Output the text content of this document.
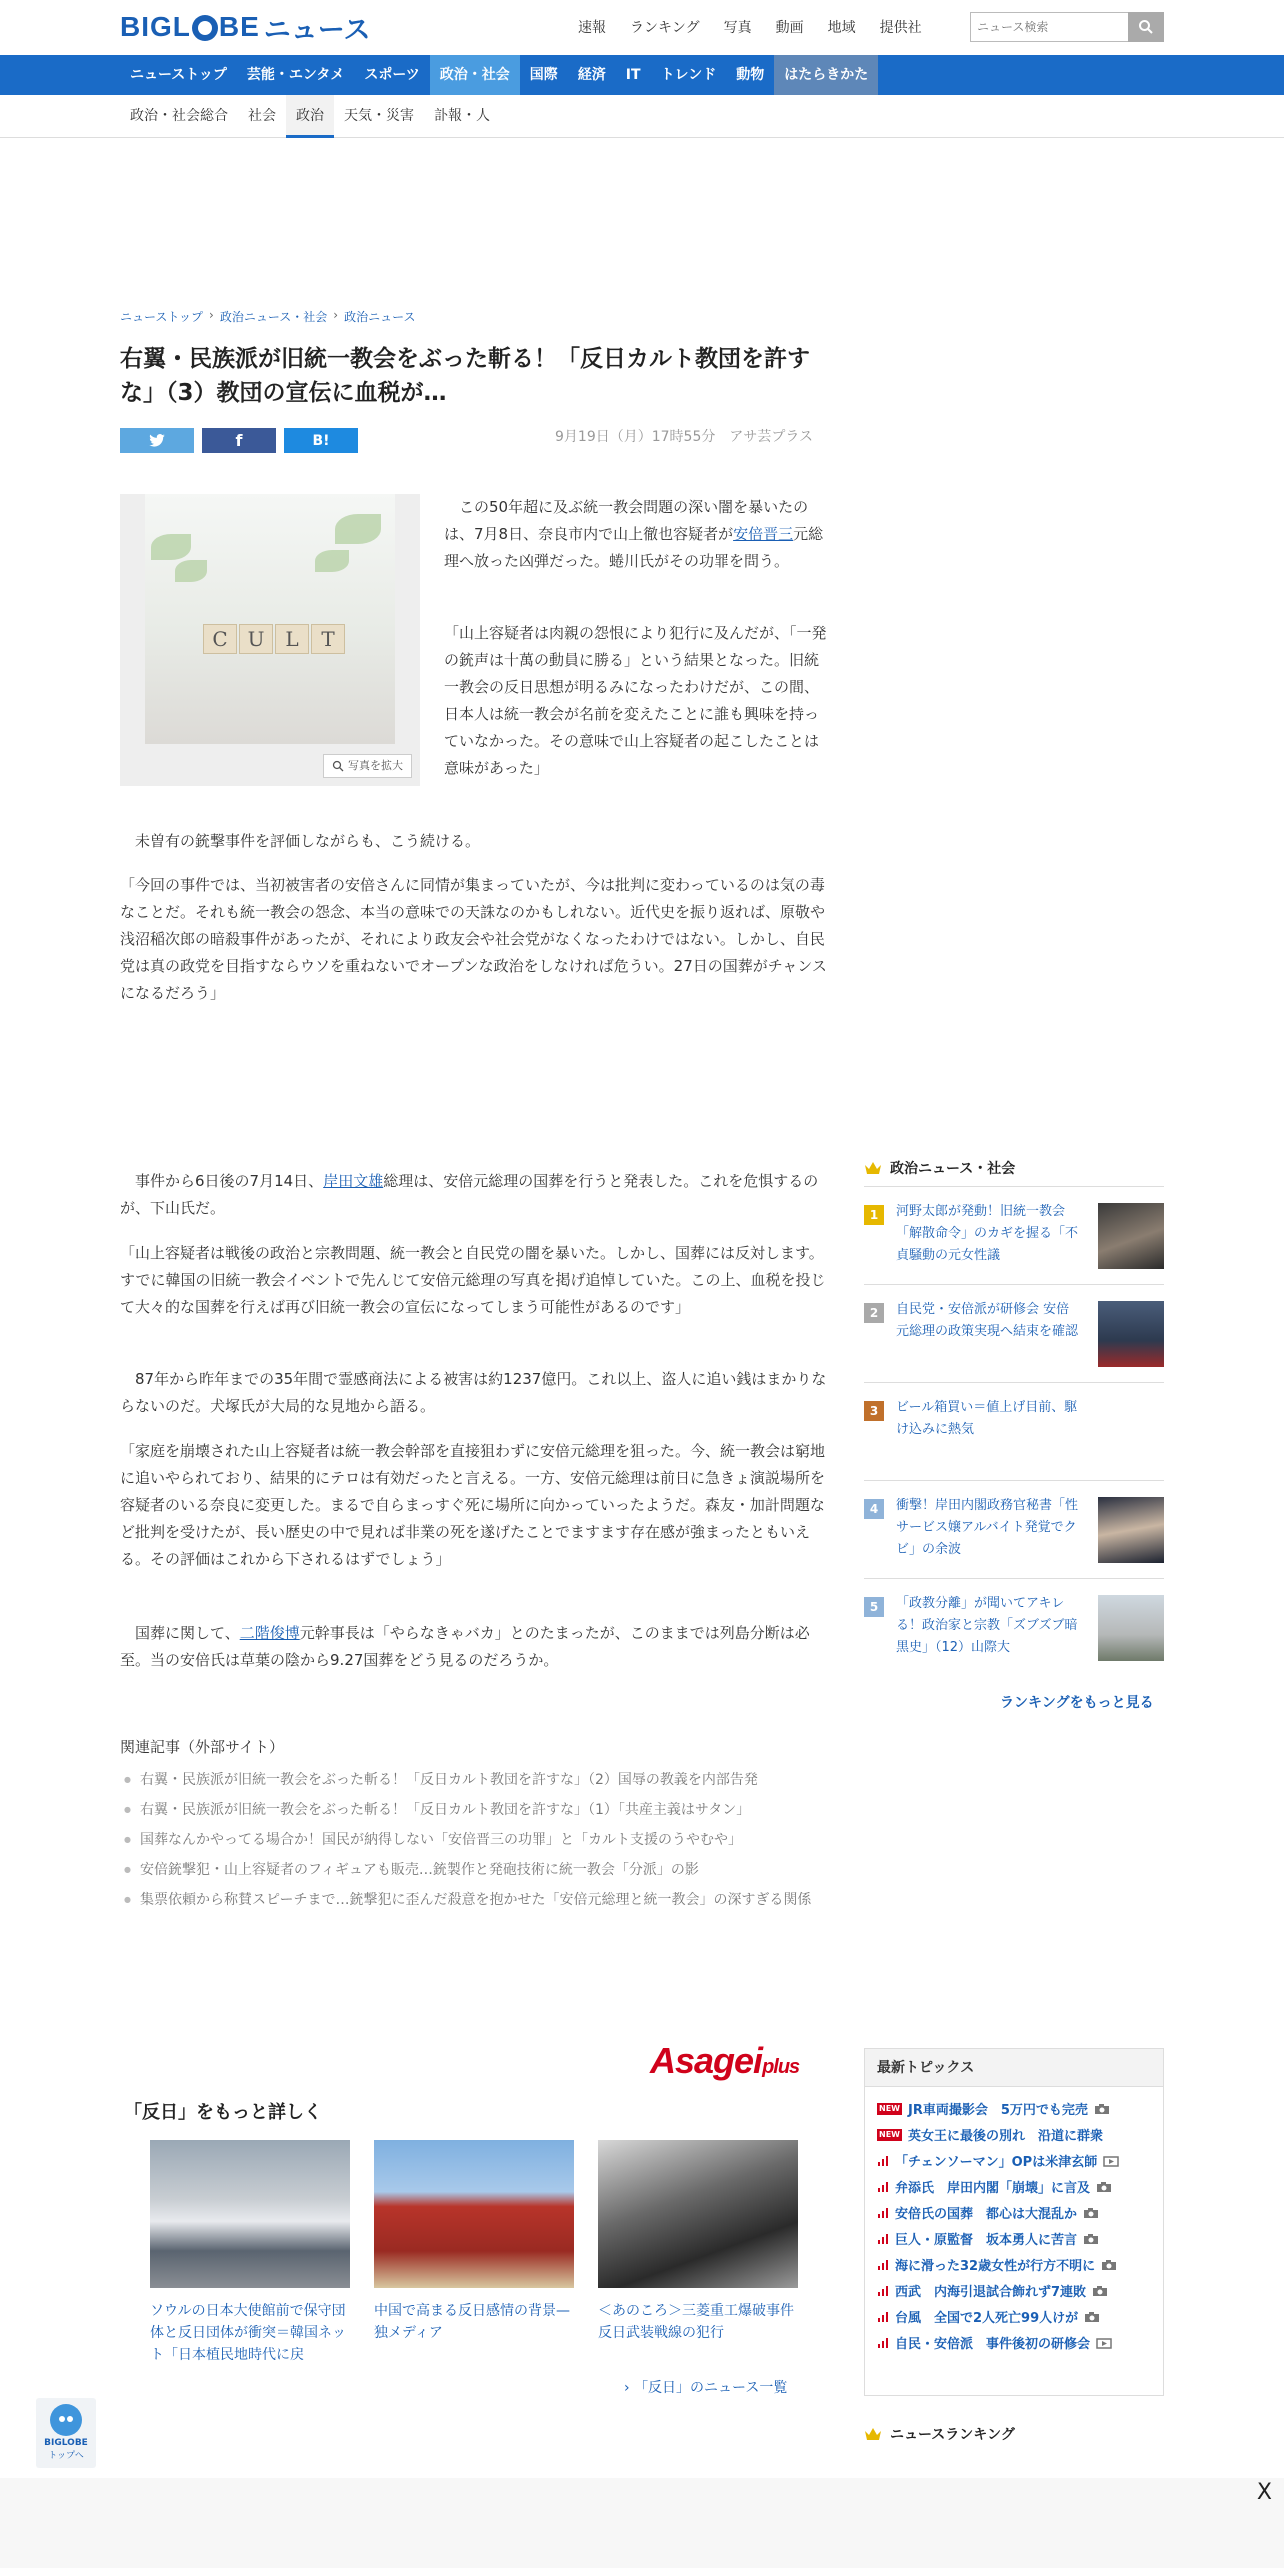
BIGL BE ニュース	速報 ランキング 写真 動画 地域 提供社
ニュース検索
ニューストップ	芸能・エンタメ	スポーツ	政治・社会	国際	経済	IT	トレンド	動物	はたらきかた
政治・社会総合	社会	政治	天気・災害	訃報・人
ニューストップ › 政治ニュース・社会 › 政治ニュース
右翼・民族派が旧統一教会をぶった斬る！「反日カルト教団を許すな」（3）教団の宣伝に血税が…
f	B!	9月19日（月）17時55分 アサ芸プラス
C U	L	T
写真を拡大

この50年超に及ぶ統一教会問題の深い闇を暴いたのは、7月8日、奈良市内で山上徹也容疑者が安倍晋三元総理へ放った凶弾だった。蜷川氏がその功罪を問う。

「山上容疑者は肉親の怨恨により犯行に及んだが、「一発の銃声は十萬の動員に勝る」という結果となった。旧統一教会の反日思想が明るみになったわけだが、この間、日本人は統一教会が名前を変えたことに誰も興味を持っていなかった。その意味で山上容疑者の起こしたことは意味があった」

未曽有の銃撃事件を評価しながらも、こう続ける。

「今回の事件では、当初被害者の安倍さんに同情が集まっていたが、今は批判に変わっているのは気の毒なことだ。それも統一教会の怨念、本当の意味での天誅なのかもしれない。近代史を振り返れば、原敬や浅沼稲次郎の暗殺事件があったが、それにより政友会や社会党がなくなったわけではない。しかし、自民党は真の政党を目指すならウソを重ねないでオープンな政治をしなければ危うい。27日の国葬がチャンスになるだろう」

事件から6日後の7月14日、岸田文雄総理は、安倍元総理の国葬を行うと発表した。これを危惧するのが、下山氏だ。

「山上容疑者は戦後の政治と宗教問題、統一教会と自民党の闇を暴いた。しかし、国葬には反対します。すでに韓国の旧統一教会イベントで先んじて安倍元総理の写真を掲げ追悼していた。この上、血税を投じて大々的な国葬を行えば再び旧統一教会の宣伝になってしまう可能性があるのです」

87年から昨年までの35年間で霊感商法による被害は約1237億円。これ以上、盗人に追い銭はまかりならないのだ。犬塚氏が大局的な見地から語る。

「家庭を崩壊された山上容疑者は統一教会幹部を直接狙わずに安倍元総理を狙った。今、統一教会は窮地に追いやられており、結果的にテロは有効だったと言える。一方、安倍元総理は前日に急きょ演説場所を容疑者のいる奈良に変更した。まるで自らまっすぐ死に場所に向かっていったようだ。森友・加計問題など批判を受けたが、長い歴史の中で見れば非業の死を遂げたことでますます存在感が強まったともいえる。その評価はこれから下されるはずでしょう」

国葬に関して、二階俊博元幹事長は「やらなきゃバカ」とのたまったが、このままでは列島分断は必至。当の安倍氏は草葉の陰から9.27国葬をどう見るのだろうか。

政治ニュース・社会
1	河野太郎が発動！旧統一教会「解散命令」のカギを握る「不貞騒動の元女性議
2	自民党・安倍派が研修会 安倍元総理の政策実現へ結束を確認
3	ビール箱買い＝値上げ目前、駆け込みに熱気
4	衝撃！岸田内閣政務官秘書「性サービス嬢アルバイト発覚でクビ」の余波
5	「政教分離」が聞いてアキレる！政治家と宗教「ズブズブ暗黒史」（12）山際大
ランキングをもっと見る
関連記事（外部サイト）
● 右翼・民族派が旧統一教会をぶった斬る！「反日カルト教団を許すな」（2）国辱の教義を内部告発
● 右翼・民族派が旧統一教会をぶった斬る！「反日カルト教団を許すな」（1）「共産主義はサタン」
● 国葬なんかやってる場合か！国民が納得しない「安倍晋三の功罪」と「カルト支援のうやむや」
● 安倍銃撃犯・山上容疑者のフィギュアも販売…銃製作と発砲技術に統一教会「分派」の影
● 集票依頼から称賛スピーチまで…銃撃犯に歪んだ殺意を抱かせた「安倍元総理と統一教会」の深すぎる関係
Asageiplus
「反日」をもっと詳しく
ソウルの日本大使館前で保守団体と反日団体が衝突＝韓国ネット「日本植民地時代に戻
中国で高まる反日感情の背景—独メディア
＜あのころ＞三菱重工爆破事件 反日武装戦線の犯行
› 「反日」のニュース一覧
最新トピックス
NEW JR車両撮影会　5万円でも完売
NEW 英女王に最後の別れ　沿道に群衆
「チェンソーマン」OPは米津玄師
弁添氏　岸田内閣「崩壊」に言及
安倍氏の国葬　都心は大混乱か
巨人・原監督　坂本勇人に苦言
海に滑った32歳女性が行方不明に
西武　内海引退試合飾れず7連敗
台風　全国で2人死亡99人けが
自民・安倍派　事件後初の研修会
ニュースランキング
BIGLOBE
トップへ
X
